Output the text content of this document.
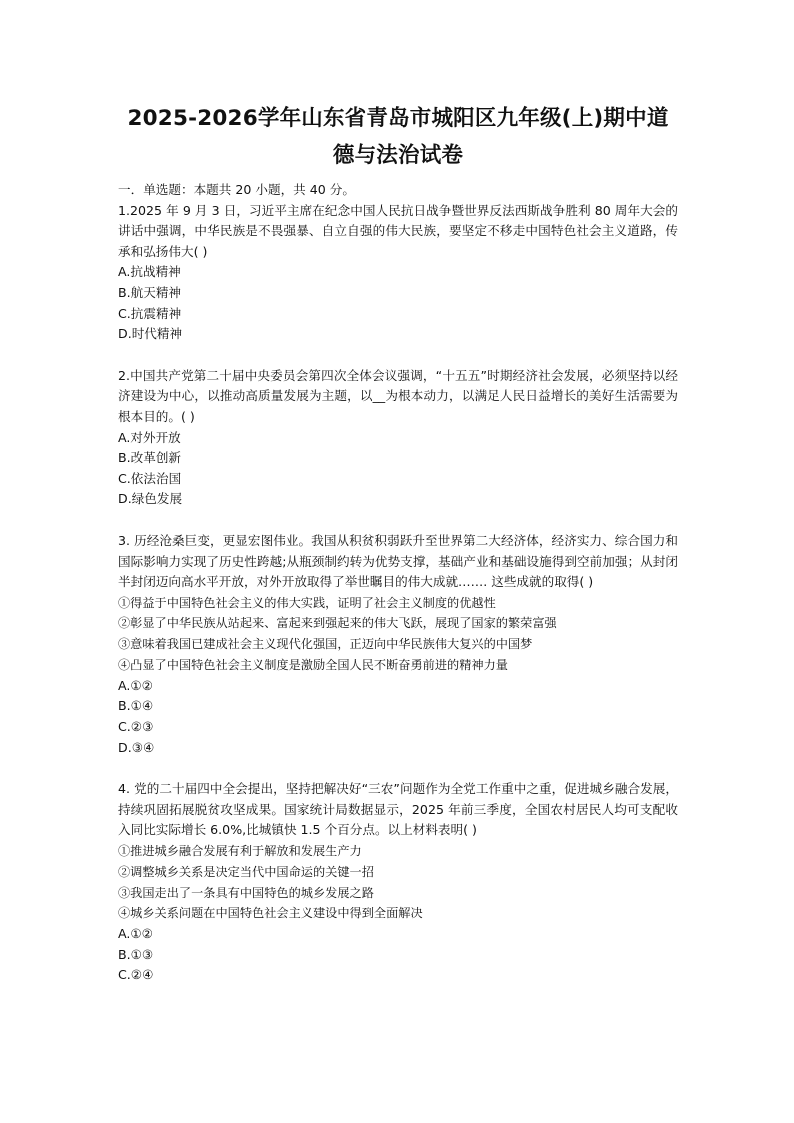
2025-2026学年山东省青岛市城阳区九年级(上)期中道
德与法治试卷
一．单选题：本题共 20 小题，共 40 分。

1.2025 年 9 月 3 日，习近平主席在纪念中国人民抗日战争暨世界反法西斯战争胜利 80 周年大会的讲话中强调，中华民族是不畏强暴、自立自强的伟大民族，要坚定不移走中国特色社会主义道路，传承和弘扬伟大( )

A.抗战精神

B.航天精神

C.抗震精神

D.时代精神

2.中国共产党第二十届中央委员会第四次全体会议强调，“十五五”时期经济社会发展，必须坚持以经济建设为中心，以推动高质量发展为主题，以__为根本动力，以满足人民日益增长的美好生活需要为根本目的。( )

A.对外开放

B.改革创新

C.依法治国

D.绿色发展

3. 历经沧桑巨变，更显宏图伟业。我国从积贫积弱跃升至世界第二大经济体，经济实力、综合国力和国际影响力实现了历史性跨越;从瓶颈制约转为优势支撑，基础产业和基础设施得到空前加强；从封闭半封闭迈向高水平开放，对外开放取得了举世瞩目的伟大成就……. 这些成就的取得( )

①得益于中国特色社会主义的伟大实践，证明了社会主义制度的优越性

②彰显了中华民族从站起来、富起来到强起来的伟大飞跃，展现了国家的繁荣富强

③意味着我国已建成社会主义现代化强国，正迈向中华民族伟大复兴的中国梦

④凸显了中国特色社会主义制度是激励全国人民不断奋勇前进的精神力量

A.①②

B.①④

C.②③

D.③④

4. 党的二十届四中全会提出，坚持把解决好“三农”问题作为全党工作重中之重，促进城乡融合发展，持续巩固拓展脱贫攻坚成果。国家统计局数据显示，2025 年前三季度，全国农村居民人均可支配收入同比实际增长 6.0%,比城镇快 1.5 个百分点。以上材料表明( )

①推进城乡融合发展有利于解放和发展生产力

②调整城乡关系是决定当代中国命运的关键一招

③我国走出了一条具有中国特色的城乡发展之路

④城乡关系问题在中国特色社会主义建设中得到全面解决

A.①②

B.①③

C.②④
